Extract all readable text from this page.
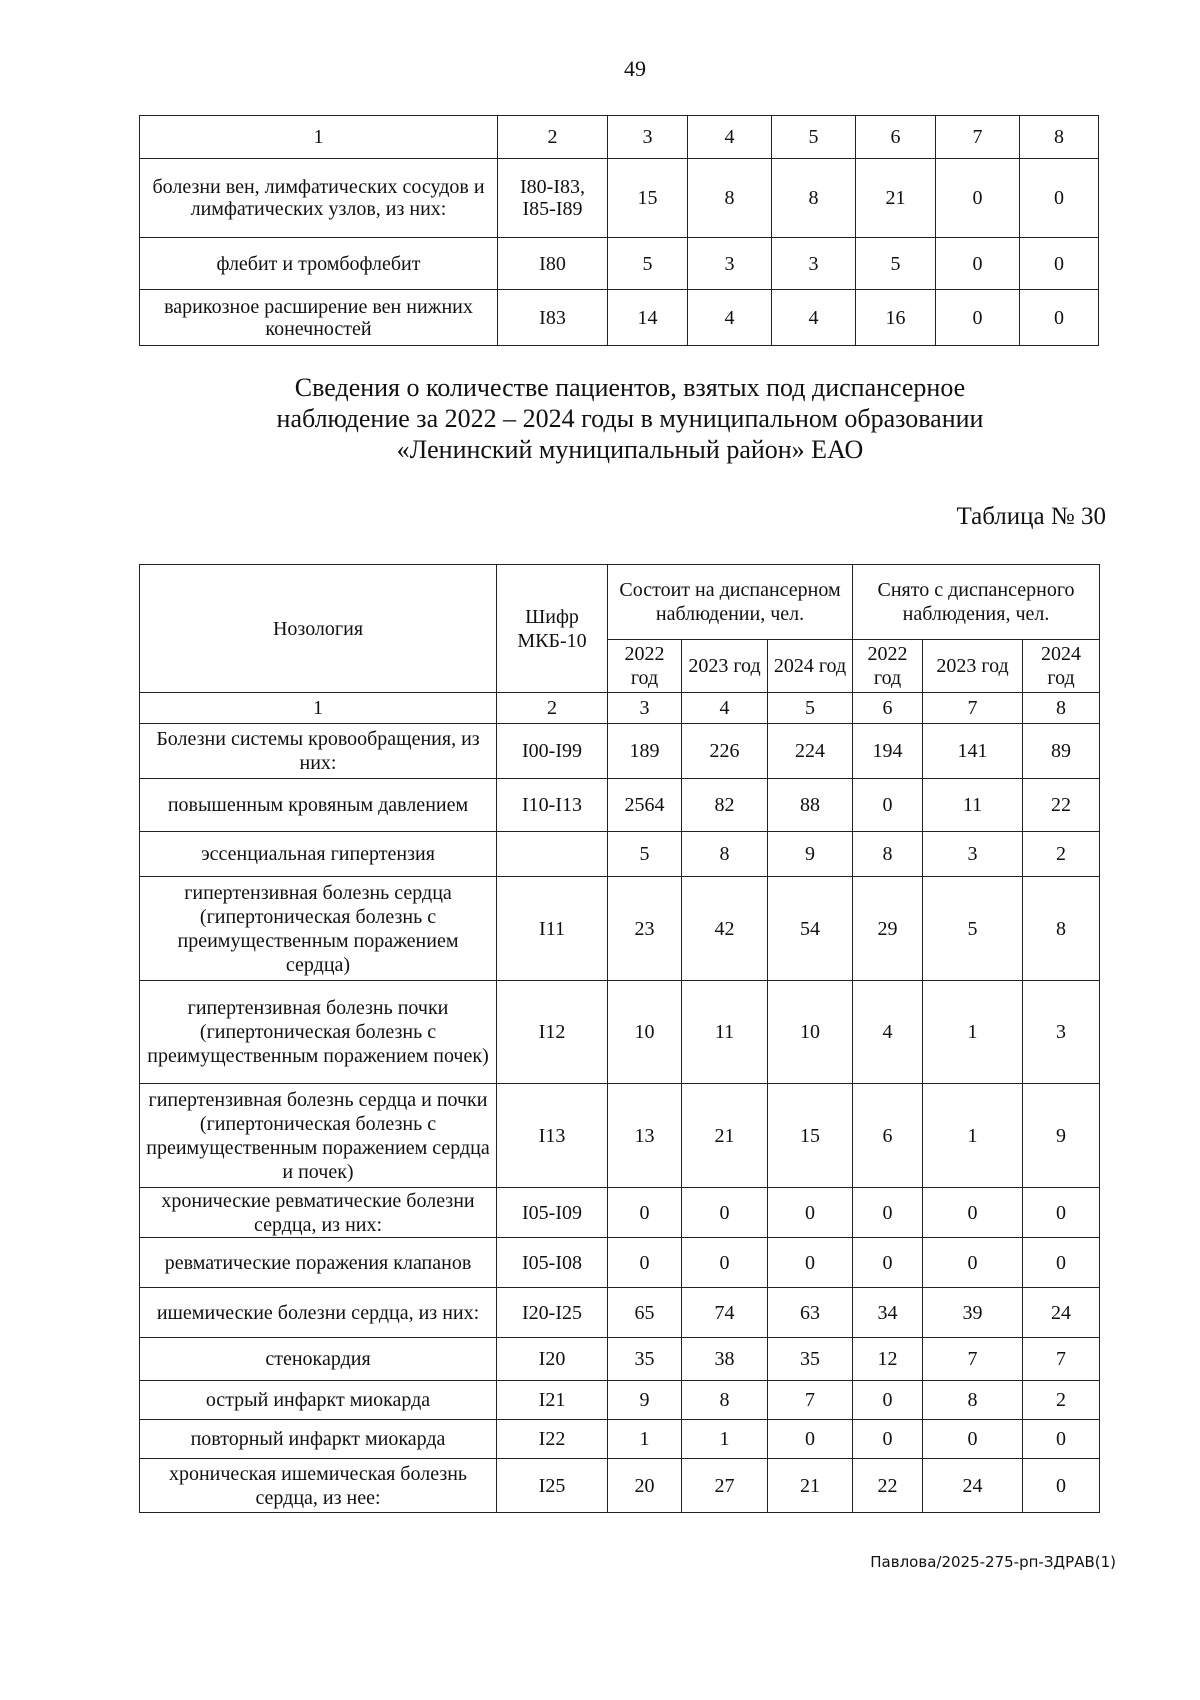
49
1	2	3	4	5	6	7	8
болезни вен, лимфатических сосудов и лимфатических узлов, из них:	I80-I83, I85-I89	15	8	8	21	0	0
флебит и тромбофлебит	I80	5	3	3	5	0	0
варикозное расширение вен нижних конечностей	I83	14	4	4	16	0	0
Сведения о количестве пациентов, взятых под диспансерное
наблюдение за 2022 – 2024 годы в муниципальном образовании
«Ленинский муниципальный район» ЕАО
Таблица № 30
Нозология	Шифр МКБ-10	Состоит на диспансерном наблюдении, чел.			Снято с диспансерного наблюдения, чел.		
		2022 год	2023 год	2024 год	2022 год	2023 год	2024 год
1	2	3	4	5	6	7	8
Болезни системы кровообращения, из них:	I00-I99	189	226	224	194	141	89
повышенным кровяным давлением	I10-I13	2564	82	88	0	11	22
эссенциальная гипертензия		5	8	9	8	3	2
гипертензивная болезнь сердца (гипертоническая болезнь с преимущественным поражением сердца)	I11	23	42	54	29	5	8
гипертензивная болезнь почки (гипертоническая болезнь с преимущественным поражением почек)	I12	10	11	10	4	1	3
гипертензивная болезнь сердца и почки (гипертоническая болезнь с преимущественным поражением сердца и почек)	I13	13	21	15	6	1	9
хронические ревматические болезни сердца, из них:	I05-I09	0	0	0	0	0	0
ревматические поражения клапанов	I05-I08	0	0	0	0	0	0
ишемические болезни сердца, из них:	I20-I25	65	74	63	34	39	24
стенокардия	I20	35	38	35	12	7	7
острый инфаркт миокарда	I21	9	8	7	0	8	2
повторный инфаркт миокарда	I22	1	1	0	0	0	0
хроническая ишемическая болезнь сердца, из нее:	I25	20	27	21	22	24	0
Павлова/2025-275-рп-ЗДРАВ(1)
